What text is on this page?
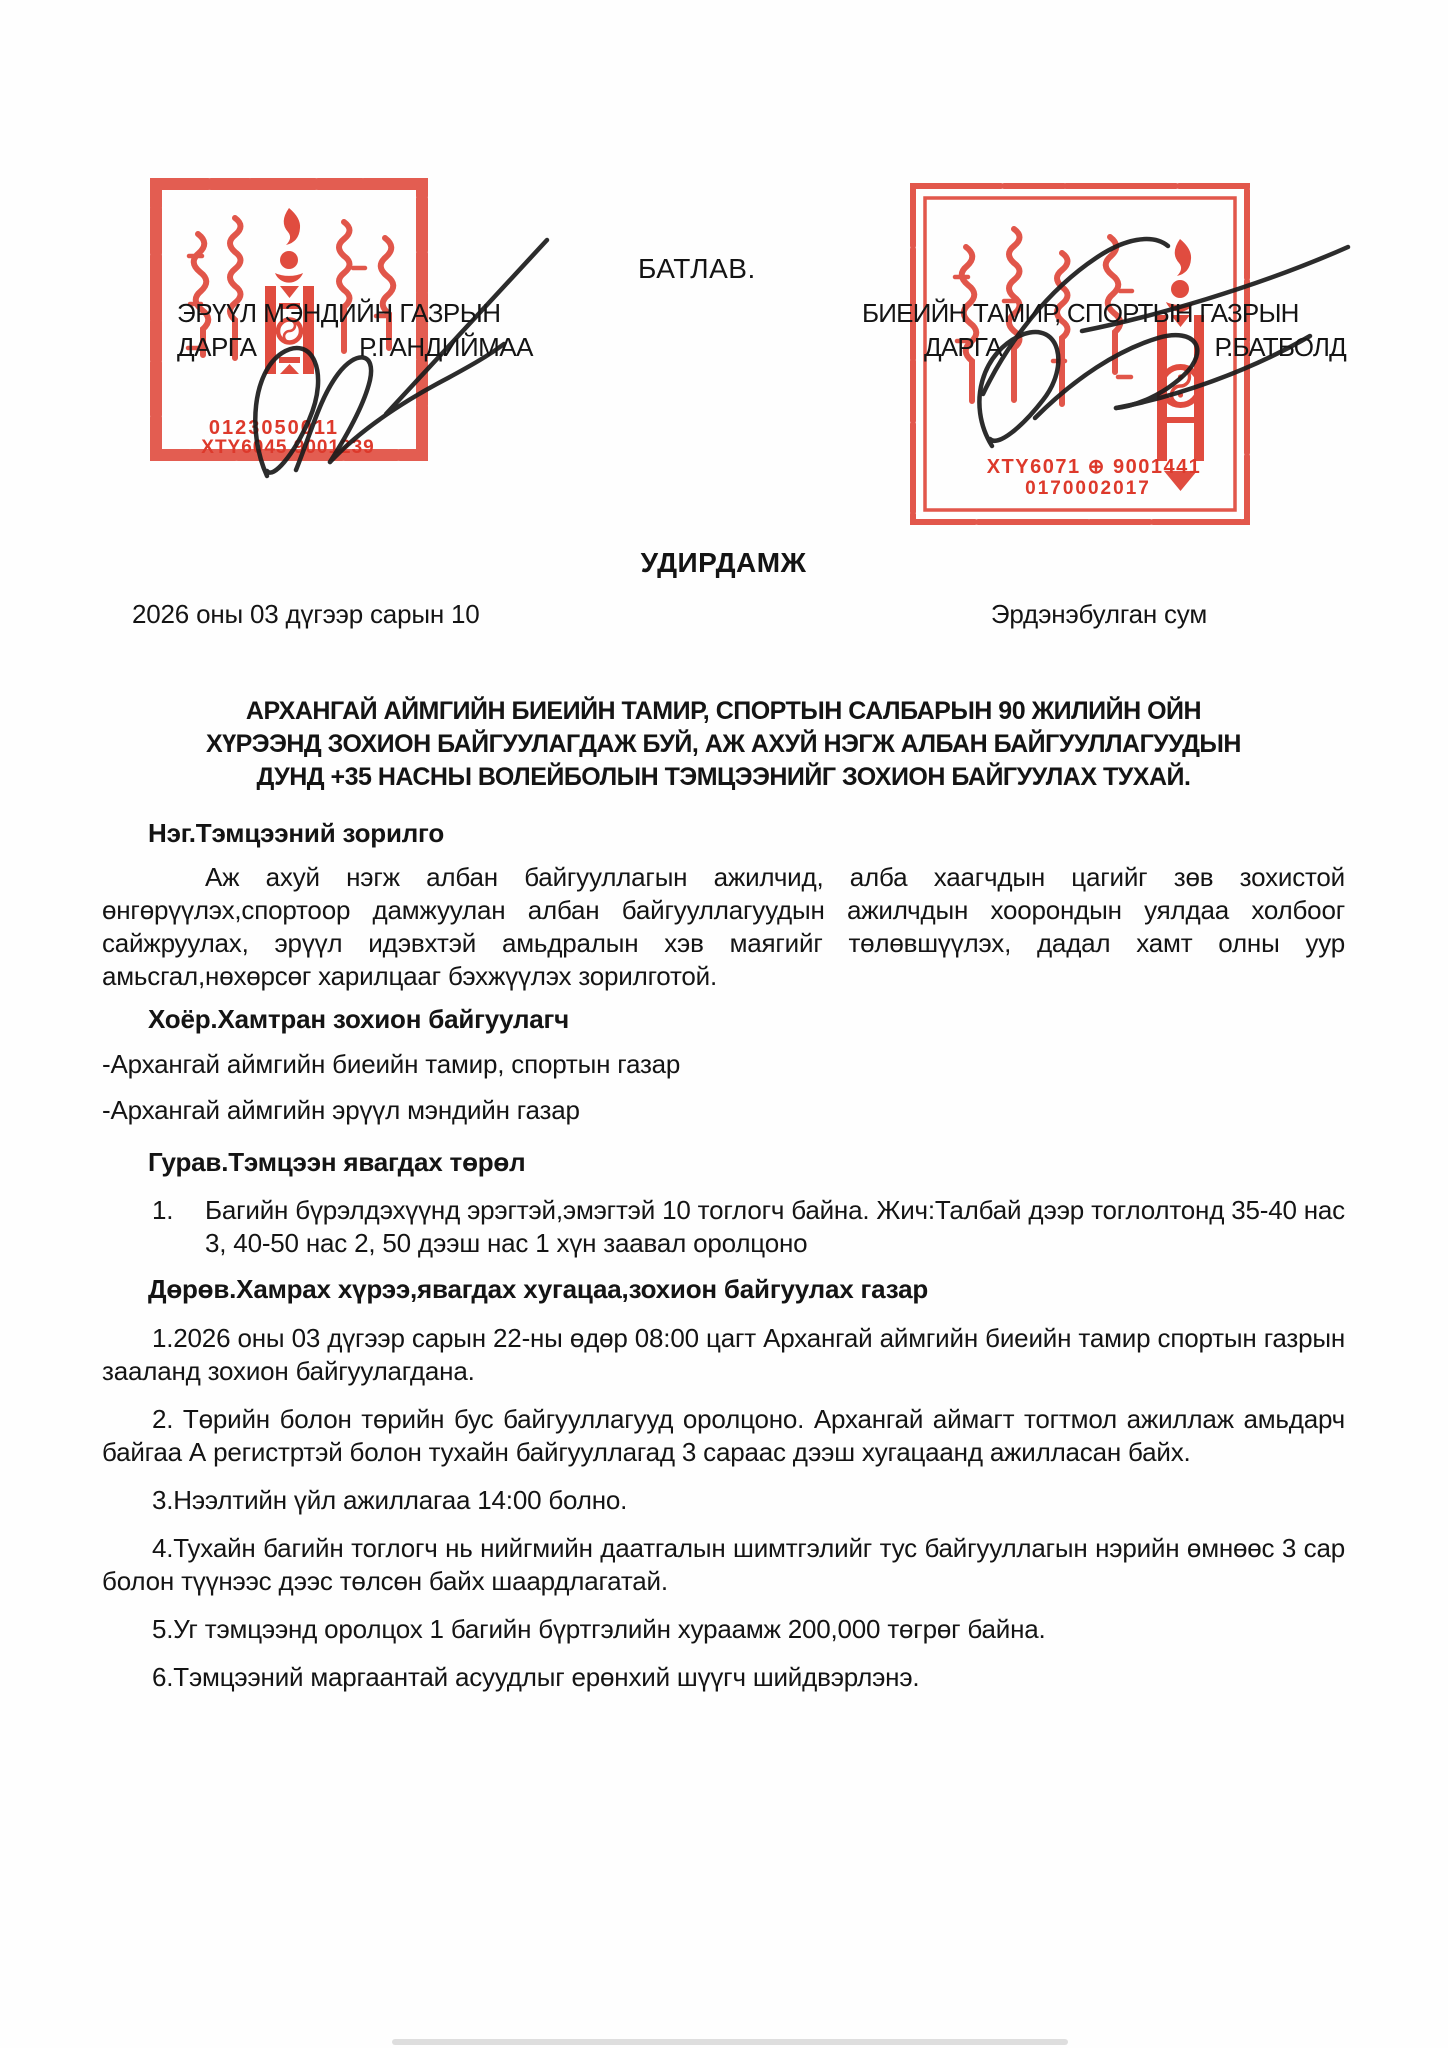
0123050011
XTY6045 9001239
XTY6071 ⊕ 9001441
0170002017
БАТЛАВ.
ЭРҮҮЛ МЭНДИЙН ГАЗРЫН
ДАРГА	Р.ГАНДИЙМАА
БИЕИЙН ТАМИР, СПОРТЫН ГАЗРЫН
ДАРГА	Р.БАТБОЛД
УДИРДАМЖ
2026 оны 03 дүгээр сарын 10	Эрдэнэбулган сум
АРХАНГАЙ АЙМГИЙН БИЕИЙН ТАМИР, СПОРТЫН САЛБАРЫН 90 ЖИЛИЙН ОЙН
ХҮРЭЭНД ЗОХИОН БАЙГУУЛАГДАЖ БУЙ, АЖ АХУЙ НЭГЖ АЛБАН БАЙГУУЛЛАГУУДЫН
ДУНД +35 НАСНЫ ВОЛЕЙБОЛЫН ТЭМЦЭЭНИЙГ ЗОХИОН БАЙГУУЛАХ ТУХАЙ.
Нэг.Тэмцээний зорилго
Аж ахуй нэгж албан байгууллагын ажилчид, алба хаагчдын цагийг зөв зохистой өнгөрүүлэх,спортоор дамжуулан албан байгууллагуудын ажилчдын хоорондын уялдаа холбоог сайжруулах, эрүүл идэвхтэй амьдралын хэв маягийг төлөвшүүлэх, дадал хамт олны уур амьсгал,нөхөрсөг харилцааг бэхжүүлэх зорилготой.
Хоёр.Хамтран зохион байгуулагч
-Архангай аймгийн биеийн тамир, спортын газар
-Архангай аймгийн эрүүл мэндийн газар
Гурав.Тэмцээн явагдах төрөл
1.	Багийн бүрэлдэхүүнд эрэгтэй,эмэгтэй 10 тоглогч байна. Жич:Талбай дээр тоглолтонд 35-40 нас 3, 40-50 нас 2, 50 дээш нас 1 хүн заавал оролцоно
Дөрөв.Хамрах хүрээ,явагдах хугацаа,зохион байгуулах газар
1.2026 оны 03 дүгээр сарын 22-ны өдөр 08:00 цагт Архангай аймгийн биеийн тамир спортын газрын зааланд зохион байгуулагдана.
2. Төрийн болон төрийн бус байгууллагууд оролцоно. Архангай аймагт тогтмол ажиллаж амьдарч байгаа А регистртэй болон тухайн байгууллагад 3 сараас дээш хугацаанд ажилласан байх.
3.Нээлтийн үйл ажиллагаа 14:00 болно.
4.Тухайн багийн тоглогч нь нийгмийн даатгалын шимтгэлийг тус байгууллагын нэрийн өмнөөс 3 сар болон түүнээс дээс төлсөн байх шаардлагатай.
5.Уг тэмцээнд оролцох 1 багийн бүртгэлийн хураамж 200,000 төгрөг байна.
6.Тэмцээний маргаантай асуудлыг ерөнхий шүүгч шийдвэрлэнэ.
